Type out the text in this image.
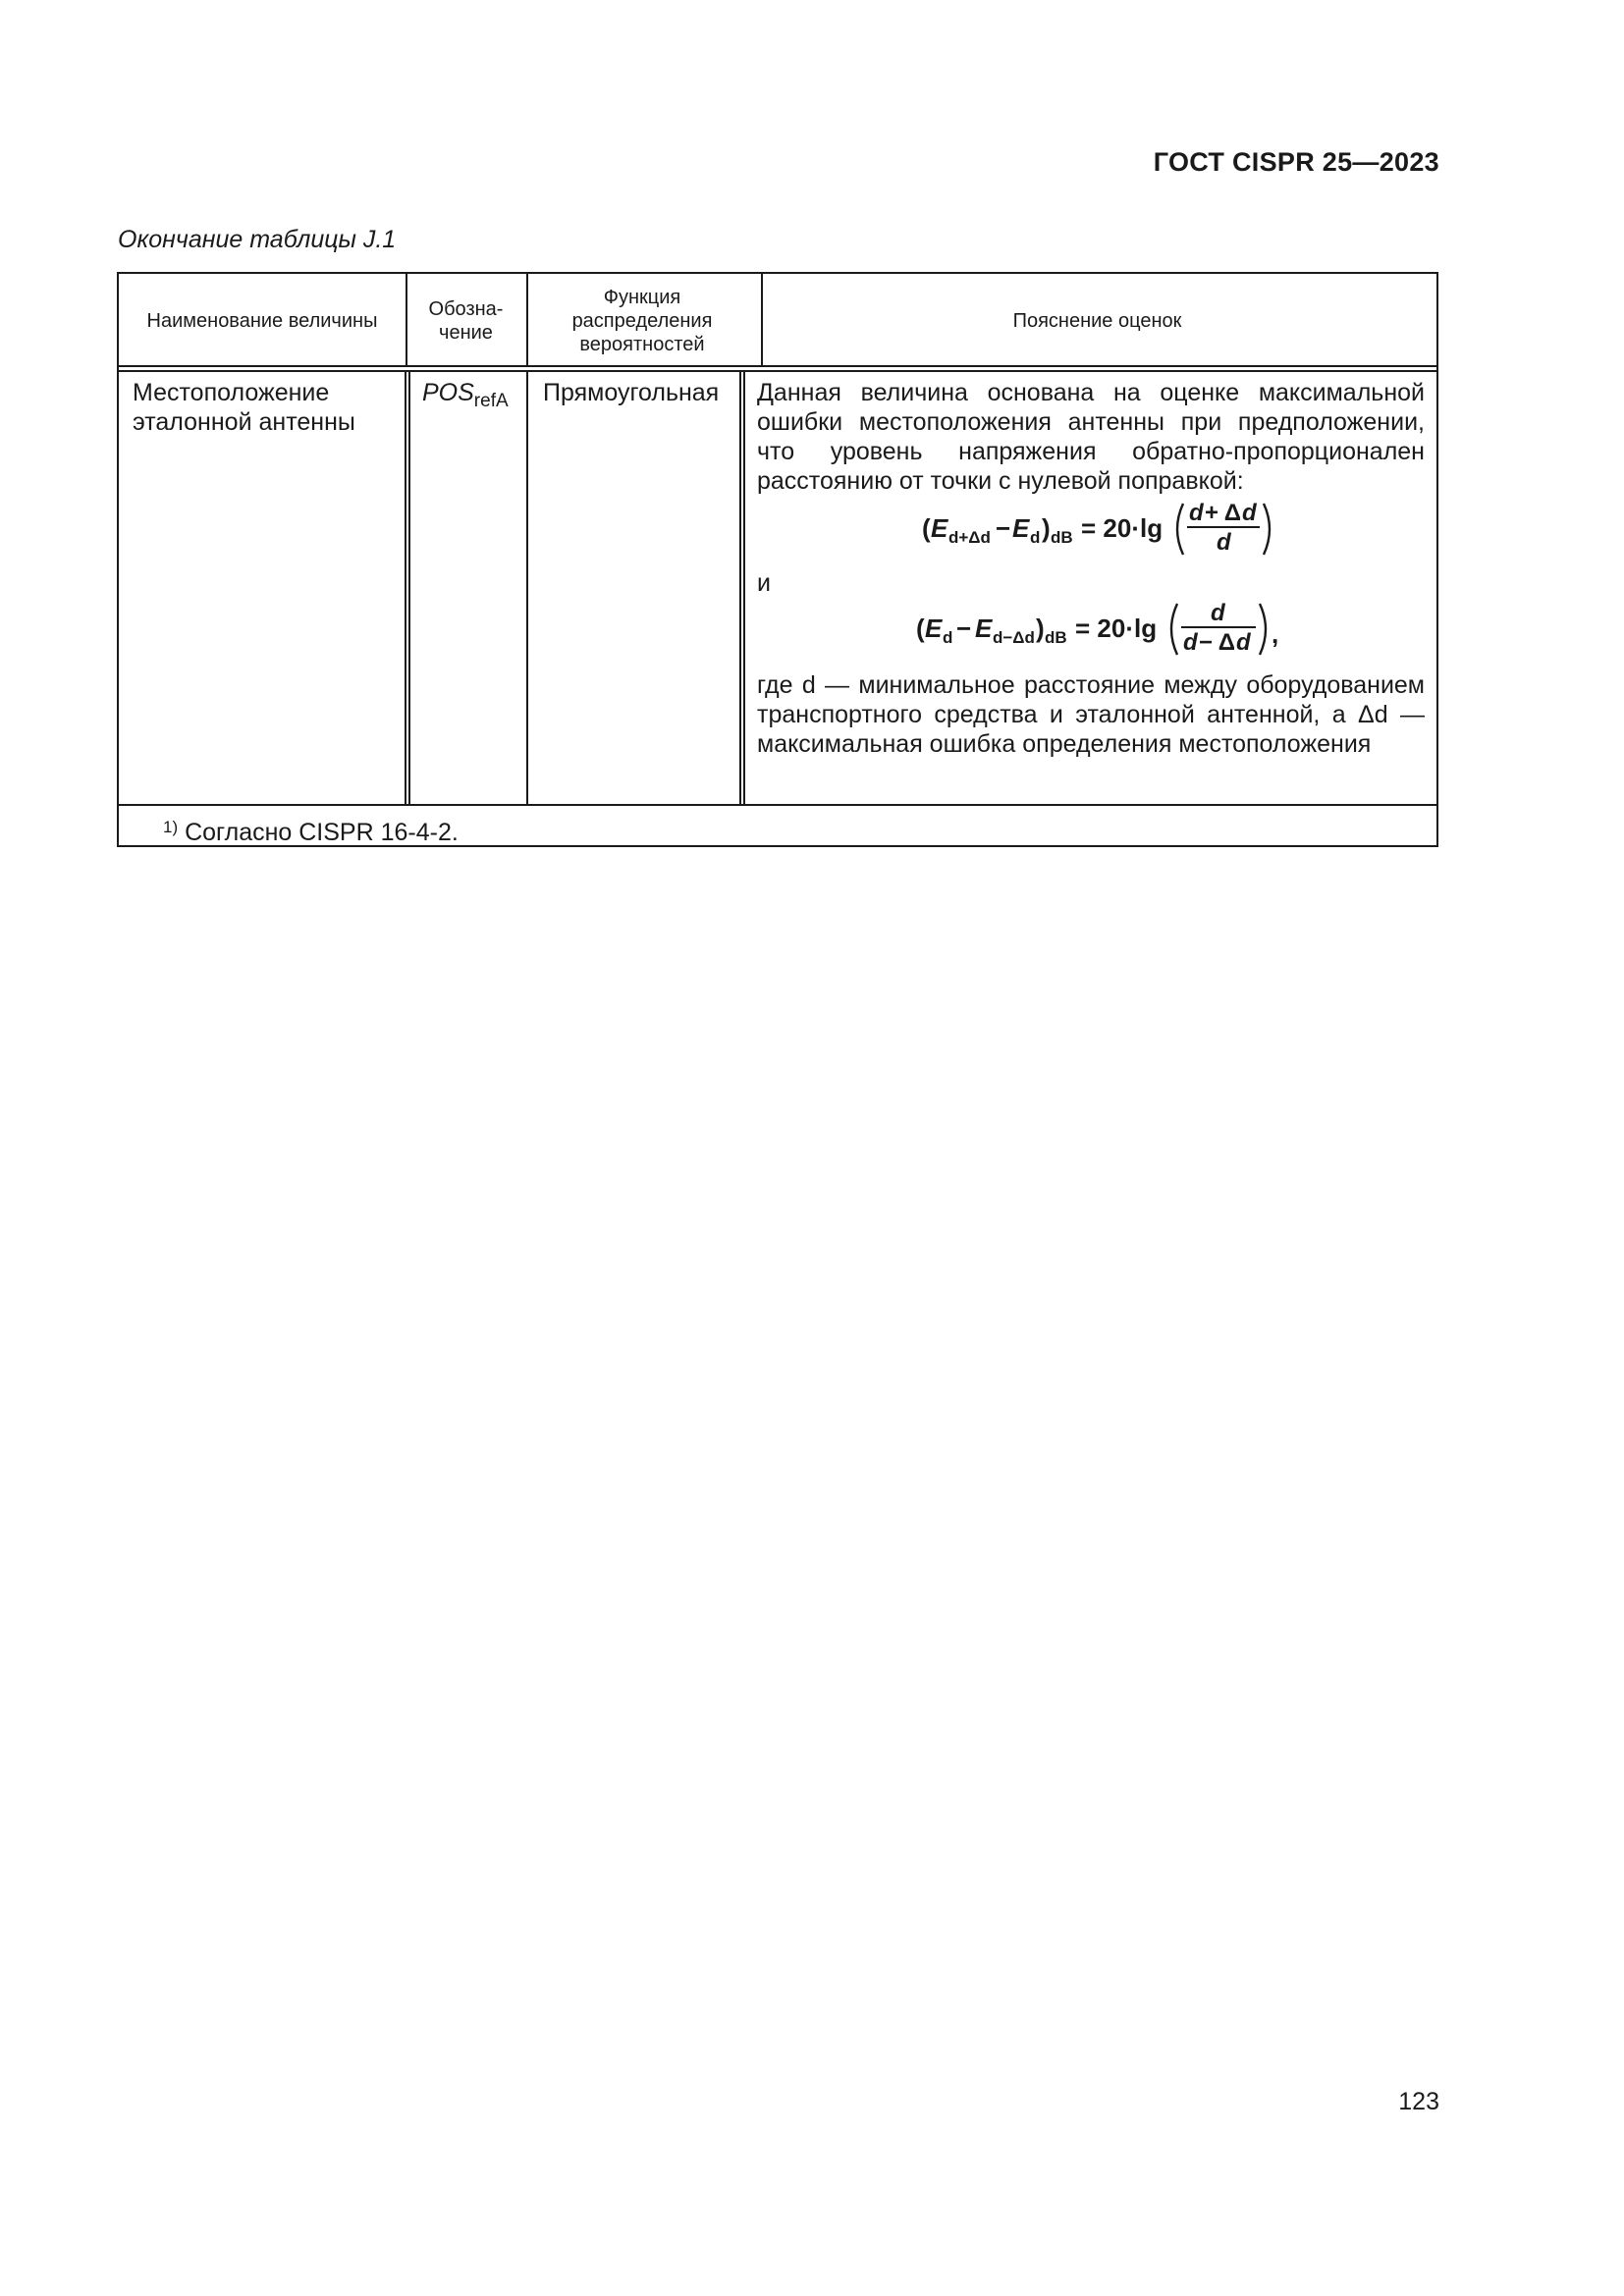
ГОСТ CISPR 25—2023
Окончание таблицы J.1
Наименование величины
Обозна- чение
Функция распределения вероятностей
Пояснение оценок
Местоположение эталонной антенны
$POS_{refA}$	Прямоугольная	Данная величина основана на оценке максимальной ошибки местоположения антенны при предположении, что уровень напряжения обратно-пропорционален расстоянию от точки с нулевой поправкой:
( E d+Δd − E d ) dB = 20·lg
d + Δ d
d
и
( E d − E d−Δd ) dB = 20·lg
d
d − Δ d ,
где d — минимальное расстояние между оборудованием транспортного средства и эталонной антенной, а Δd — максимальная ошибка определения местоположения
$^{1)}$ Согласно CISPR 16-4-2.
123
